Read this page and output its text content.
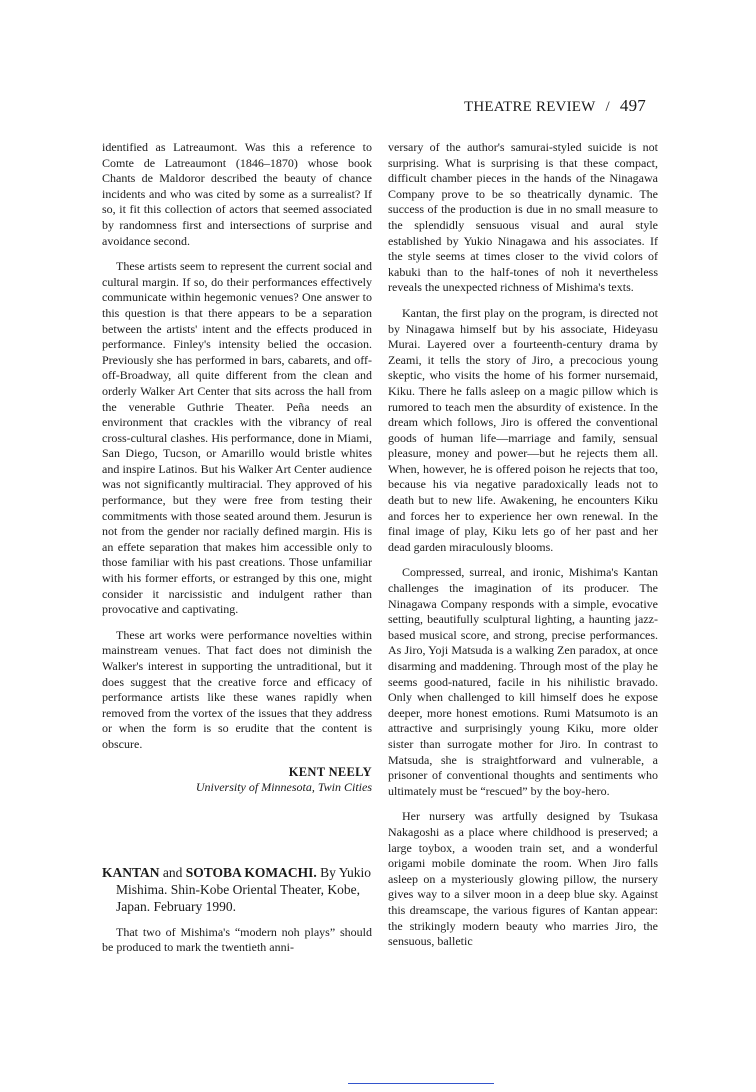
THEATRE REVIEW / 497

identified as Latreaumont. Was this a reference to Comte de Latreaumont (1846–1870) whose book Chants de Maldoror described the beauty of chance incidents and who was cited by some as a surrealist? If so, it fit this collection of actors that seemed associated by randomness first and intersections of surprise and avoidance second.

These artists seem to represent the current social and cultural margin. If so, do their performances effectively communicate within hegemonic venues? One answer to this question is that there appears to be a separation between the artists' intent and the effects produced in performance. Finley's intensity belied the occasion. Previously she has performed in bars, cabarets, and off-off-Broadway, all quite different from the clean and orderly Walker Art Center that sits across the hall from the venerable Guthrie Theater. Peña needs an environment that crackles with the vibrancy of real cross-cultural clashes. His performance, done in Miami, San Diego, Tucson, or Amarillo would bristle whites and inspire Latinos. But his Walker Art Center audience was not significantly multiracial. They approved of his performance, but they were free from testing their commitments with those seated around them. Jesurun is not from the gender nor racially defined margin. His is an effete separation that makes him accessible only to those familiar with his past creations. Those unfamiliar with his former efforts, or estranged by this one, might consider it narcissistic and indulgent rather than provocative and captivating.

These art works were performance novelties within mainstream venues. That fact does not diminish the Walker's interest in supporting the untraditional, but it does suggest that the creative force and efficacy of performance artists like these wanes rapidly when removed from the vortex of the issues that they address or when the form is so erudite that the content is obscure.

KENT NEELY
University of Minnesota, Twin Cities
KANTAN and SOTOBA KOMACHI. By Yukio Mishima. Shin-Kobe Oriental Theater, Kobe, Japan. February 1990.

That two of Mishima's “modern noh plays” should be produced to mark the twentieth anni-

versary of the author's samurai-styled suicide is not surprising. What is surprising is that these compact, difficult chamber pieces in the hands of the Ninagawa Company prove to be so theatrically dynamic. The success of the production is due in no small measure to the splendidly sensuous visual and aural style established by Yukio Ninagawa and his associates. If the style seems at times closer to the vivid colors of kabuki than to the half-tones of noh it nevertheless reveals the unexpected richness of Mishima's texts.

Kantan, the first play on the program, is directed not by Ninagawa himself but by his associate, Hideyasu Murai. Layered over a fourteenth-century drama by Zeami, it tells the story of Jiro, a precocious young skeptic, who visits the home of his former nursemaid, Kiku. There he falls asleep on a magic pillow which is rumored to teach men the absurdity of existence. In the dream which follows, Jiro is offered the conventional goods of human life—marriage and family, sensual pleasure, money and power—but he rejects them all. When, however, he is offered poison he rejects that too, because his via negative paradoxically leads not to death but to new life. Awakening, he encounters Kiku and forces her to experience her own renewal. In the final image of play, Kiku lets go of her past and her dead garden miraculously blooms.

Compressed, surreal, and ironic, Mishima's Kantan challenges the imagination of its producer. The Ninagawa Company responds with a simple, evocative setting, beautifully sculptural lighting, a haunting jazz-based musical score, and strong, precise performances. As Jiro, Yoji Matsuda is a walking Zen paradox, at once disarming and maddening. Through most of the play he seems good-natured, facile in his nihilistic bravado. Only when challenged to kill himself does he expose deeper, more honest emotions. Rumi Matsumoto is an attractive and surprisingly young Kiku, more older sister than surrogate mother for Jiro. In contrast to Matsuda, she is straightforward and vulnerable, a prisoner of conventional thoughts and sentiments who ultimately must be “rescued” by the boy-hero.

Her nursery was artfully designed by Tsukasa Nakagoshi as a place where childhood is preserved; a large toybox, a wooden train set, and a wonderful origami mobile dominate the room. When Jiro falls asleep on a mysteriously glowing pillow, the nursery gives way to a silver moon in a deep blue sky. Against this dreamscape, the various figures of Kantan appear: the strikingly modern beauty who marries Jiro, the sensuous, balletic
